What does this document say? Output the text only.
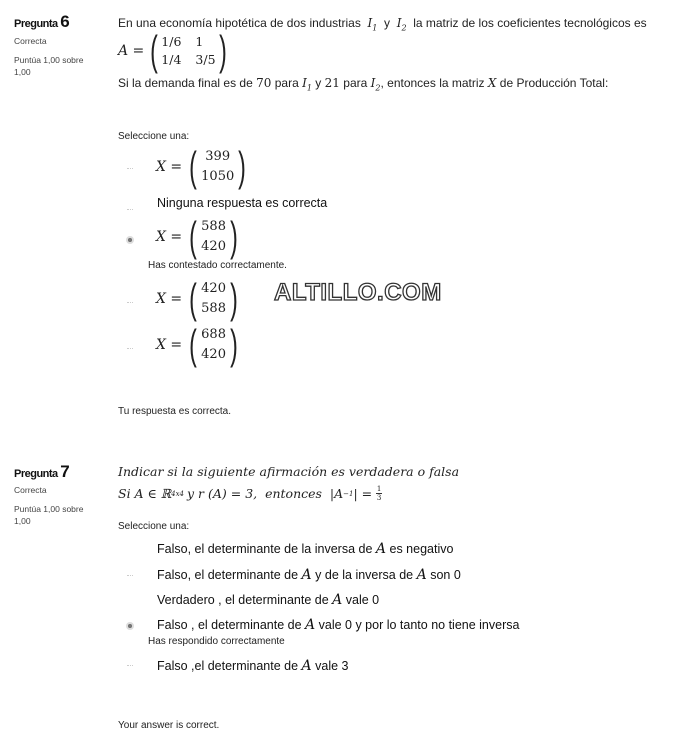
Pregunta 6
Correcta
Puntúa 1,00 sobre
1,00
En una economía hipotética de dos industrias $I_1$ y $I_2$ la matriz de los coeficientes tecnológicos es
A = ( 1/6 1
1/4 3/5 )
Si la demanda final es de 70 para $I_1$ y 21 para $I_2$, entonces la matriz X de Producción Total:
Seleccione una:
X = ( 399
1050 )
Ninguna respuesta es correcta
X = ( 588
420 )
Has contestado correctamente.
X = ( 420
588 ) ALTILLO.COM
X = ( 688
420 )
Tu respuesta es correcta.
Pregunta 7
Correcta
Puntúa 1,00 sobre
1,00
Indicar si la siguiente afirmación es verdadera o falsa
Si A ∈ ℝ 4x4 y r (A) = 3,  entonces  |A −1 | = 1
3
Seleccione una:
Falso, el determinante de la inversa de A es negativo
Falso, el determinante de A y de la inversa de A son 0
Verdadero , el determinante de A vale 0
Falso , el determinante de A vale 0 y por lo tanto no tiene inversa
Has respondido correctamente
Falso ,el determinante de A vale 3
Your answer is correct.
